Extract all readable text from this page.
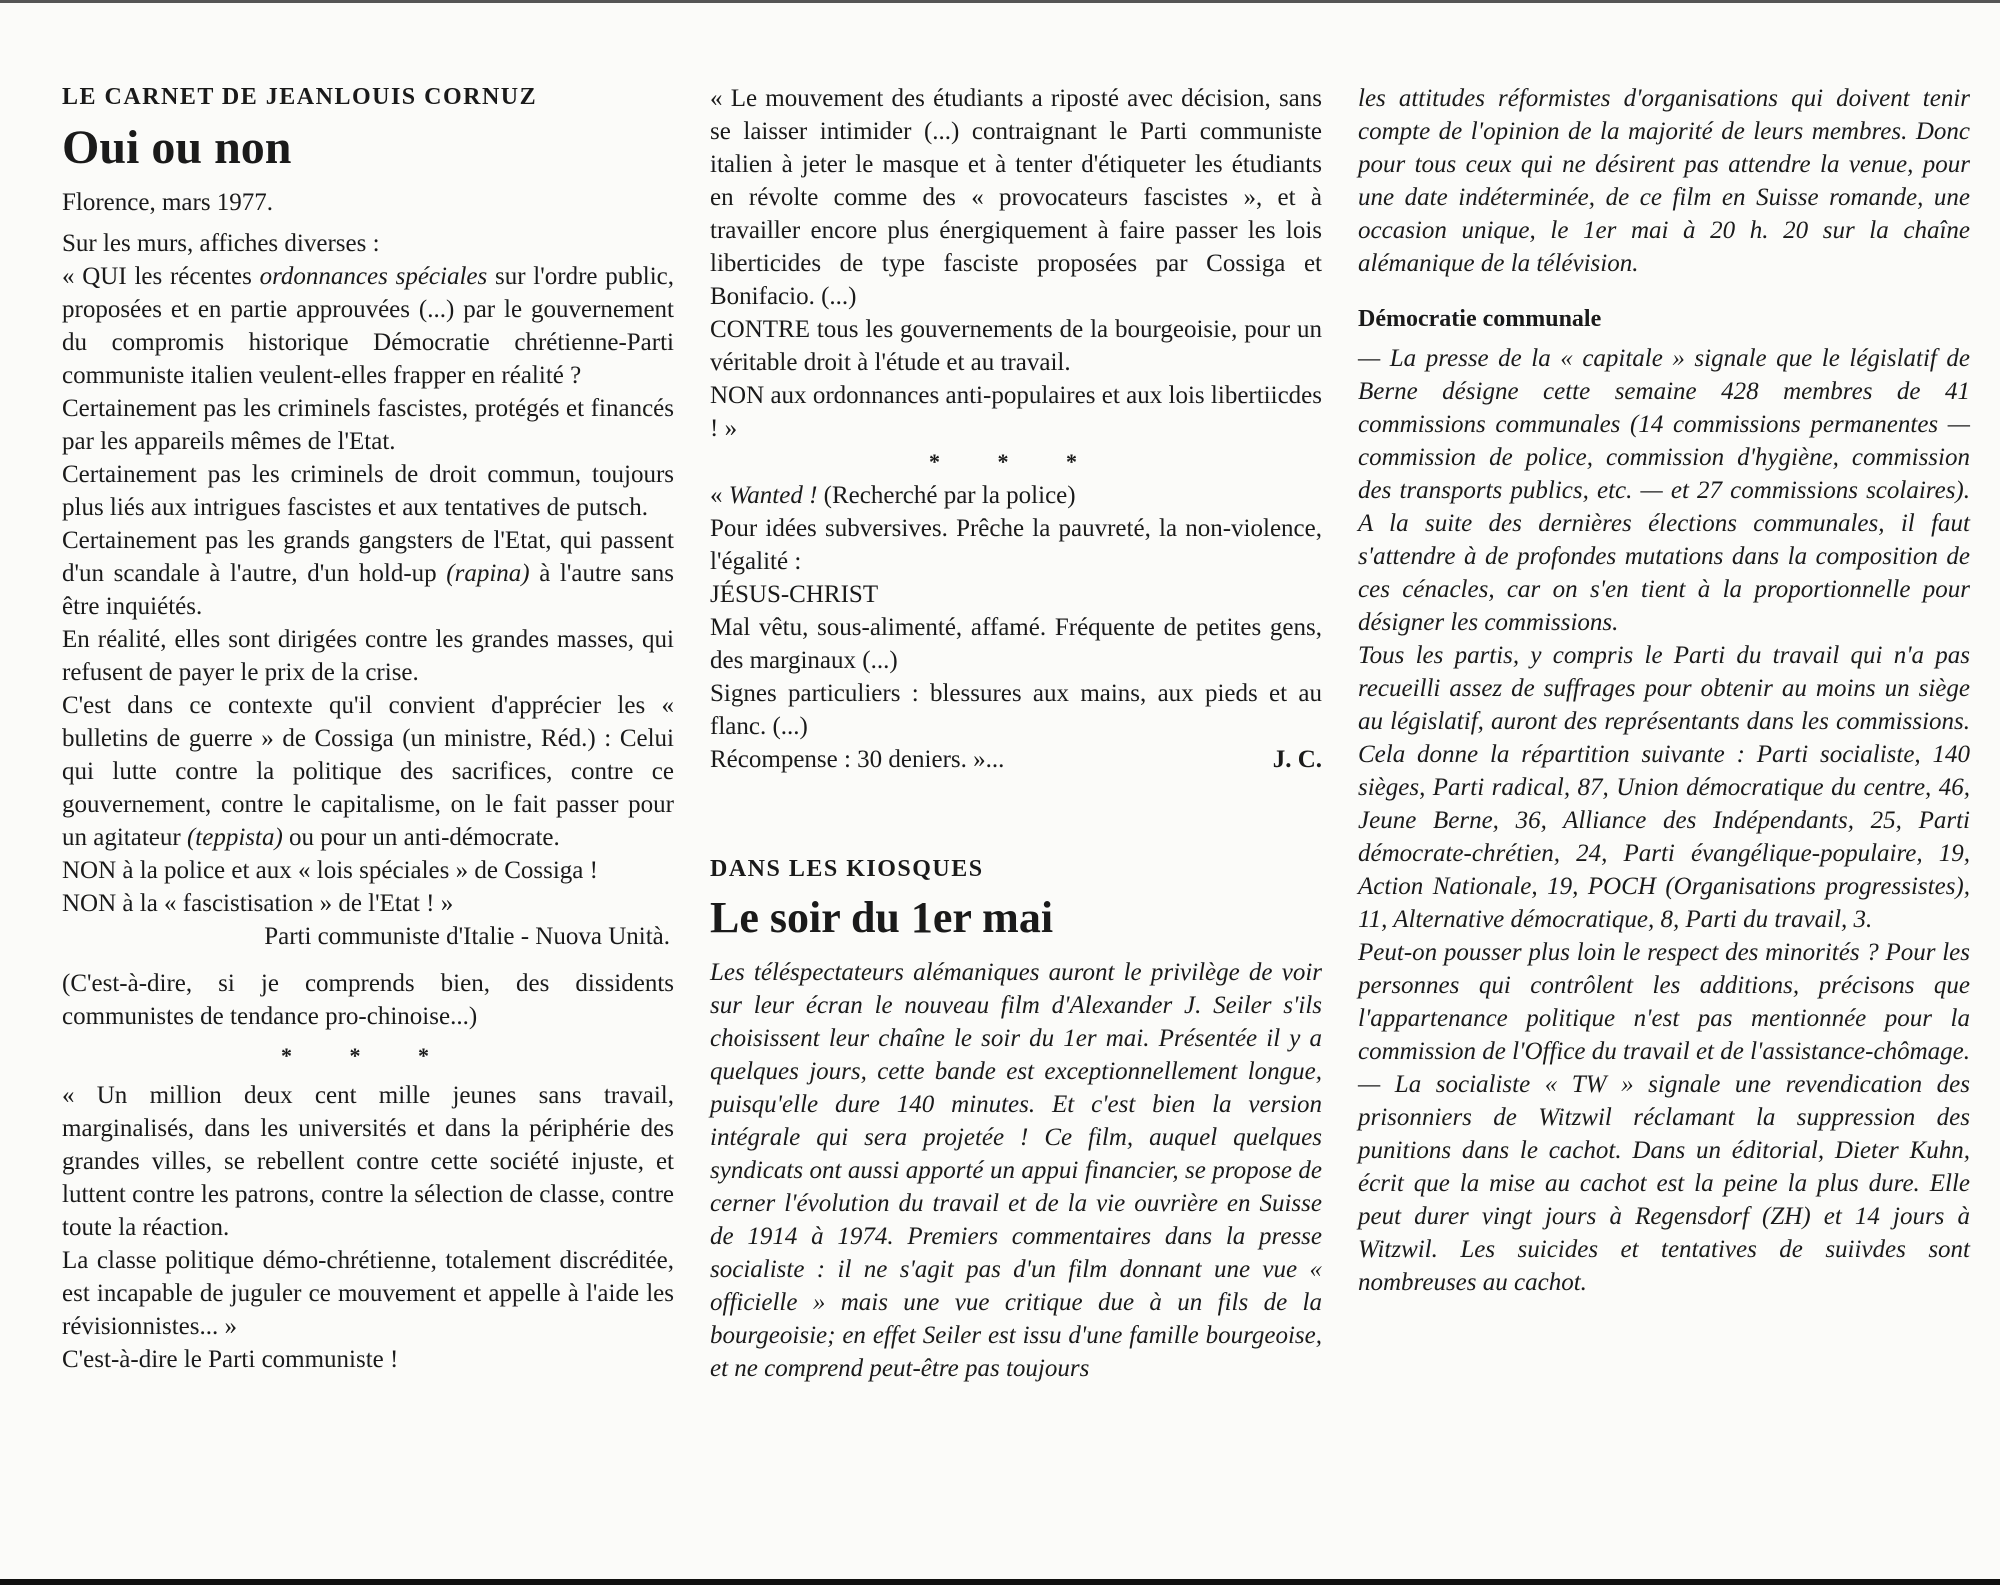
LE CARNET DE JEANLOUIS CORNUZ
Oui ou non

Florence, mars 1977.

Sur les murs, affiches diverses :

« QUI les récentes ordonnances spéciales sur l'ordre public, proposées et en partie approuvées (...) par le gouvernement du compromis historique Démocratie chrétienne-Parti communiste italien veulent-elles frapper en réalité ?

Certainement pas les criminels fascistes, protégés et financés par les appareils mêmes de l'Etat.

Certainement pas les criminels de droit commun, toujours plus liés aux intrigues fascistes et aux tentatives de putsch.

Certainement pas les grands gangsters de l'Etat, qui passent d'un scandale à l'autre, d'un hold-up (rapina) à l'autre sans être inquiétés.

En réalité, elles sont dirigées contre les grandes masses, qui refusent de payer le prix de la crise.

C'est dans ce contexte qu'il convient d'apprécier les « bulletins de guerre » de Cossiga (un ministre, Réd.) : Celui qui lutte contre la politique des sacrifices, contre ce gouvernement, contre le capitalisme, on le fait passer pour un agitateur (teppista) ou pour un anti-démocrate.

NON à la police et aux « lois spéciales » de Cossiga !

NON à la « fascistisation » de l'Etat ! »

Parti communiste d'Italie - Nuova Unità.

(C'est-à-dire, si je comprends bien, des dissidents communistes de tendance pro-chinoise...)

* * *

« Un million deux cent mille jeunes sans travail, marginalisés, dans les universités et dans la périphérie des grandes villes, se rebellent contre cette société injuste, et luttent contre les patrons, contre la sélection de classe, contre toute la réaction.

La classe politique démo-chrétienne, totalement discréditée, est incapable de juguler ce mouvement et appelle à l'aide les révisionnistes... »

C'est-à-dire le Parti communiste !

« Le mouvement des étudiants a riposté avec décision, sans se laisser intimider (...) contraignant le Parti communiste italien à jeter le masque et à tenter d'étiqueter les étudiants en révolte comme des « provocateurs fascistes », et à travailler encore plus énergiquement à faire passer les lois liberticides de type fasciste proposées par Cossiga et Bonifacio. (...)

CONTRE tous les gouvernements de la bourgeoisie, pour un véritable droit à l'étude et au travail.

NON aux ordonnances anti-populaires et aux lois libertiicdes ! »

* * *

« Wanted ! (Recherché par la police)

Pour idées subversives. Prêche la pauvreté, la non-violence, l'égalité :

JÉSUS-CHRIST

Mal vêtu, sous-alimenté, affamé. Fréquente de petites gens, des marginaux (...)

Signes particuliers : blessures aux mains, aux pieds et au flanc. (...)

Récompense : 30 deniers. »...	J. C.

DANS LES KIOSQUES
Le soir du 1er mai

Les téléspectateurs alémaniques auront le privilège de voir sur leur écran le nouveau film d'Alexander J. Seiler s'ils choisissent leur chaîne le soir du 1er mai. Présentée il y a quelques jours, cette bande est exceptionnellement longue, puisqu'elle dure 140 minutes. Et c'est bien la version intégrale qui sera projetée ! Ce film, auquel quelques syndicats ont aussi apporté un appui financier, se propose de cerner l'évolution du travail et de la vie ouvrière en Suisse de 1914 à 1974. Premiers commentaires dans la presse socialiste : il ne s'agit pas d'un film donnant une vue « officielle » mais une vue critique due à un fils de la bourgeoisie; en effet Seiler est issu d'une famille bourgeoise, et ne comprend peut-être pas toujours

les attitudes réformistes d'organisations qui doivent tenir compte de l'opinion de la majorité de leurs membres. Donc pour tous ceux qui ne désirent pas attendre la venue, pour une date indéterminée, de ce film en Suisse romande, une occasion unique, le 1er mai à 20 h. 20 sur la chaîne alémanique de la télévision.

Démocratie communale

— La presse de la « capitale » signale que le législatif de Berne désigne cette semaine 428 membres de 41 commissions communales (14 commissions permanentes — commission de police, commission d'hygiène, commission des transports publics, etc. — et 27 commissions scolaires). A la suite des dernières élections communales, il faut s'attendre à de profondes mutations dans la composition de ces cénacles, car on s'en tient à la proportionnelle pour désigner les commissions.

Tous les partis, y compris le Parti du travail qui n'a pas recueilli assez de suffrages pour obtenir au moins un siège au législatif, auront des représentants dans les commissions. Cela donne la répartition suivante : Parti socialiste, 140 sièges, Parti radical, 87, Union démocratique du centre, 46, Jeune Berne, 36, Alliance des Indépendants, 25, Parti démocrate-chrétien, 24, Parti évangélique-populaire, 19, Action Nationale, 19, POCH (Organisations progressistes), 11, Alternative démocratique, 8, Parti du travail, 3.

Peut-on pousser plus loin le respect des minorités ? Pour les personnes qui contrôlent les additions, précisons que l'appartenance politique n'est pas mentionnée pour la commission de l'Office du travail et de l'assistance-chômage.

— La socialiste « TW » signale une revendication des prisonniers de Witzwil réclamant la suppression des punitions dans le cachot. Dans un éditorial, Dieter Kuhn, écrit que la mise au cachot est la peine la plus dure. Elle peut durer vingt jours à Regensdorf (ZH) et 14 jours à Witzwil. Les suicides et tentatives de suiivdes sont nombreuses au cachot.
